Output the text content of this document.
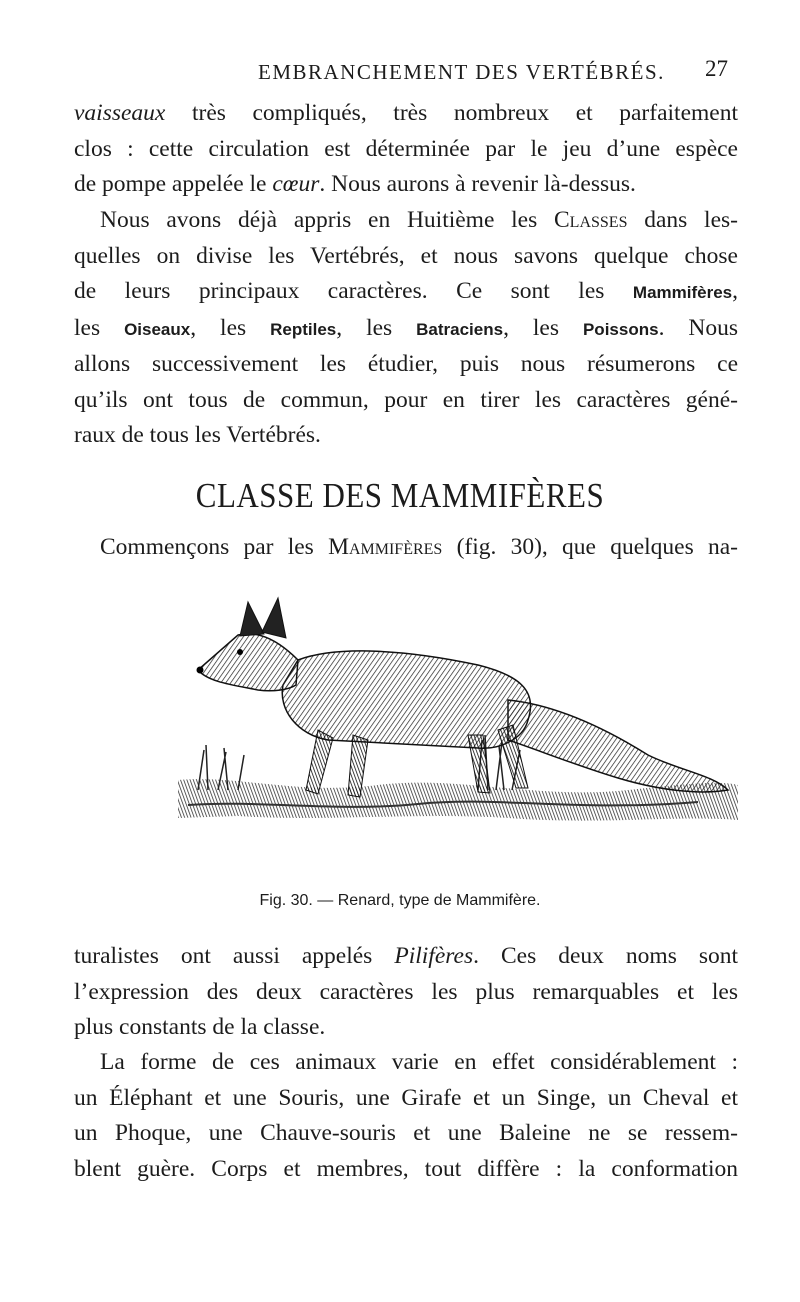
EMBRANCHEMENT DES VERTÉBRÉS. 27
vaisseaux très compliqués, très nombreux et parfaitement
clos : cette circulation est déterminée par le jeu d’une espèce
de pompe appelée le cœur. Nous aurons à revenir là-dessus.
Nous avons déjà appris en Huitième les Classes dans les-
quelles on divise les Vertébrés, et nous savons quelque chose
de leurs principaux caractères. Ce sont les Mammifères,
les Oiseaux, les Reptiles, les Batraciens, les Poissons. Nous
allons successivement les étudier, puis nous résumerons ce
qu’ils ont tous de commun, pour en tirer les caractères géné-
raux de tous les Vertébrés.
CLASSE DES MAMMIFÈRES
Commençons par les Mammifères (fig. 30), que quelques na-
Fig. 30. — Renard, type de Mammifère.
turalistes ont aussi appelés Pilifères. Ces deux noms sont
l’expression des deux caractères les plus remarquables et les
plus constants de la classe.
La forme de ces animaux varie en effet considérablement :
un Éléphant et une Souris, une Girafe et un Singe, un Cheval et
un Phoque, une Chauve-souris et une Baleine ne se ressem-
blent guère. Corps et membres, tout diffère : la conformation
